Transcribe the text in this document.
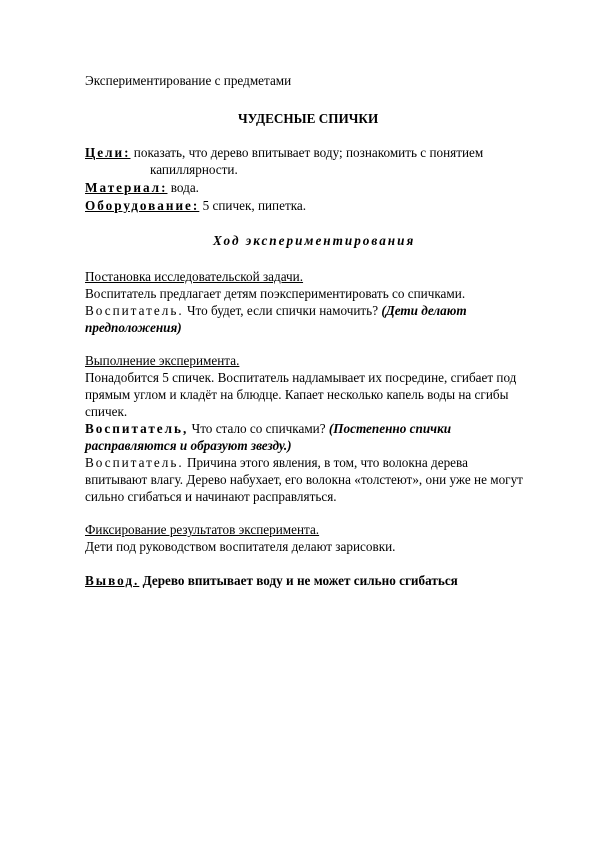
Экспериментирование с предметами
ЧУДЕСНЫЕ СПИЧКИ
Цели: показать, что дерево впитывает воду; познакомить с понятием
капиллярности.
Материал: вода.
Оборудование: 5 спичек, пипетка.
Ход экспериментирования
Постановка исследовательской задачи.
Воспитатель предлагает детям поэкспериментировать со спичками.
Воспитатель. Что будет, если спички намочить? (Дети делают
предположения)
Выполнение эксперимента.
Понадобится 5 спичек. Воспитатель надламывает их посредине, сгибает под
прямым углом и кладёт на блюдце. Капает несколько капель воды на сгибы
спичек.
Воспитатель, Что стало со спичками? (Постепенно спички
расправляются и образуют звезду.)
Воспитатель. Причина этого явления, в том, что волокна дерева
впитывают влагу. Дерево набухает, его волокна «толстеют», они уже не могут
сильно сгибаться и начинают расправляться.
Фиксирование результатов эксперимента.
Дети под руководством воспитателя делают зарисовки.
Вывод. Дерево впитывает воду и не может сильно сгибаться
